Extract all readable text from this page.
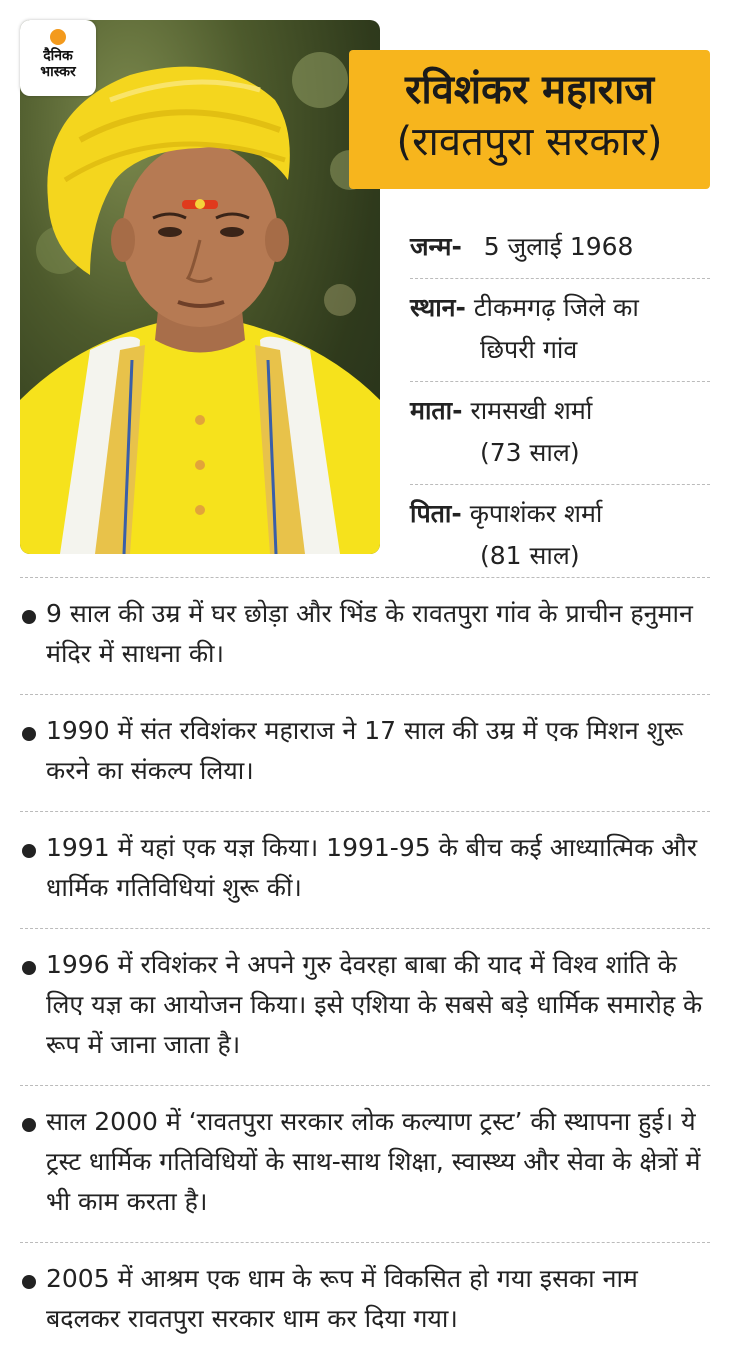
दैनिक
भास्कर	रविशंकर महाराज
(रावतपुरा सरकार)
जन्म- 5 जुलाई 1968
स्थान- टीकमगढ़ जिले का
छिपरी गांव
माता- रामसखी शर्मा
(73 साल)
पिता- कृपाशंकर शर्मा
(81 साल)
9 साल की उम्र में घर छोड़ा और भिंड के रावतपुरा गांव के प्राचीन हनुमान मंदिर में साधना की।
1990 में संत रविशंकर महाराज ने 17 साल की उम्र में एक मिशन शुरू करने का संकल्प लिया।
1991 में यहां एक यज्ञ किया। 1991-95 के बीच कई आध्यात्मिक और धार्मिक गतिविधियां शुरू कीं।
1996 में रविशंकर ने अपने गुरु देवरहा बाबा की याद में विश्व शांति के लिए यज्ञ का आयोजन किया। इसे एशिया के सबसे बड़े धार्मिक समारोह के रूप में जाना जाता है।
साल 2000 में ‘रावतपुरा सरकार लोक कल्याण ट्रस्ट’ की स्थापना हुई। ये ट्रस्ट धार्मिक गतिविधियों के साथ-साथ शिक्षा, स्वास्थ्य और सेवा के क्षेत्रों में भी काम करता है।
2005 में आश्रम एक धाम के रूप में विकसित हो गया इसका नाम बदलकर रावतपुरा सरकार धाम कर दिया गया।
